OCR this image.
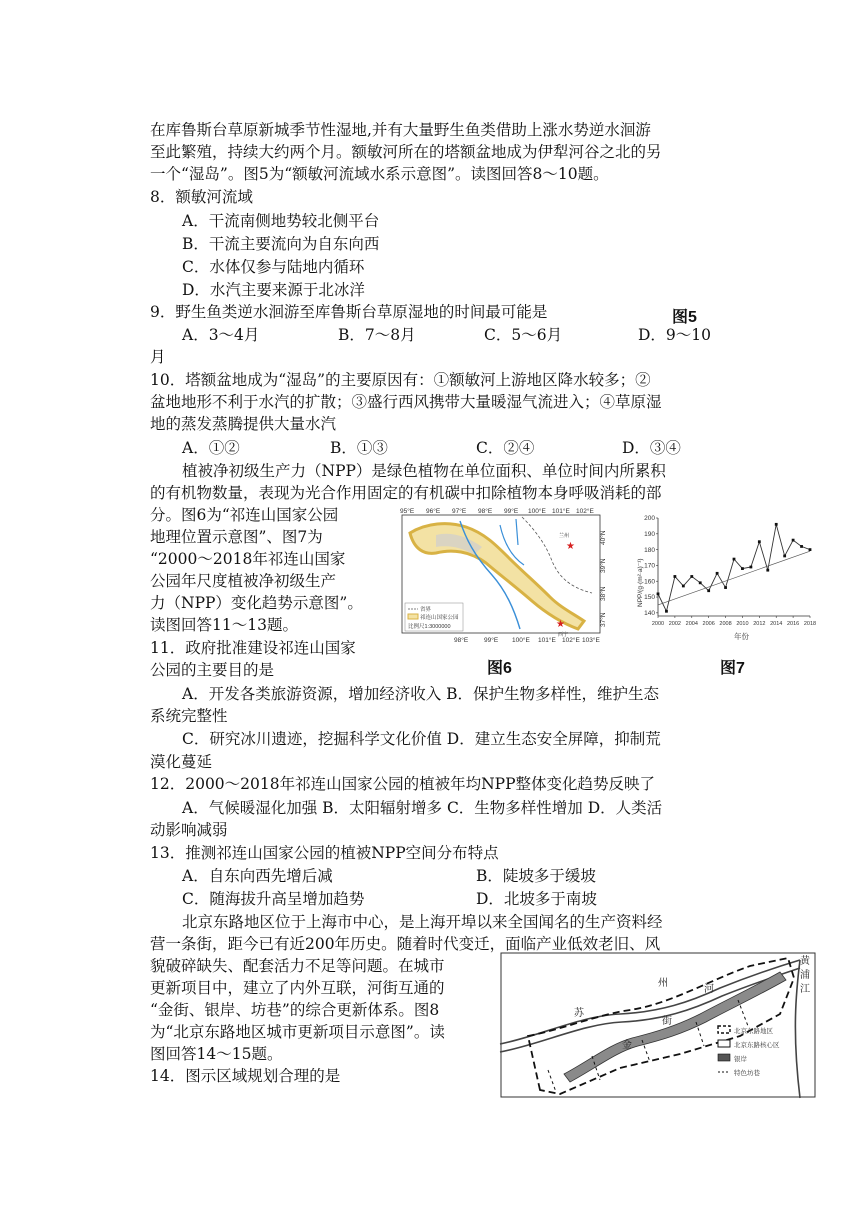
在库鲁斯台草原新城季节性湿地,并有大量野生鱼类借助上涨水势逆水洄游
至此繁殖，持续大约两个月。额敏河所在的塔额盆地成为伊犁河谷之北的另
一个“湿岛”。图5为“额敏河流域水系示意图”。读图回答8～10题。
8．额敏河流域
A．干流南侧地势较北侧平台
B．干流主要流向为自东向西
C．水体仅参与陆地内循环
D．水汽主要来源于北冰洋
9．野生鱼类逆水洄游至库鲁斯台草原湿地的时间最可能是	图5
A．3～4月	B．7～8月	C．5～6月	D．9～10
月
10．塔额盆地成为“湿岛”的主要原因有：①额敏河上游地区降水较多；②
盆地地形不利于水汽的扩散；③盛行西风携带大量暖湿气流进入；④草原湿
地的蒸发蒸腾提供大量水汽
A．①②	B．①③	C．②④	D．③④
植被净初级生产力（NPP）是绿色植物在单位面积、单位时间内所累积
的有机物数量，表现为光合作用固定的有机碳中扣除植物本身呼吸消耗的部
分。图6为“祁连山国家公园
地理位置示意图”、图7为
“2000～2018年祁连山国家
公园年尺度植被净初级生产
力（NPP）变化趋势示意图”。
读图回答11～13题。
95°E 96°E 97°E 98°E 99°E 100°E 101°E 102°E
98°E 99°E 100°E 101°E 102°E 103°E
40°N
39°N
38°N
37°N
★
兰州
★
西宁
省界
祁连山国家公园
比例尺1:3000000
图6
140
150
160
170
180
190
200
2000 2002 2004 2006 2008 2010 2012 2014 2016 2018
NPP/(g·(m²·a)⁻¹)
年份
图7
11．政府批准建设祁连山国家
公园的主要目的是
A．开发各类旅游资源，增加经济收入 B．保护生物多样性，维护生态
系统完整性
C．研究冰川遗迹，挖掘科学文化价值 D．建立生态安全屏障，抑制荒
漠化蔓延
12．2000～2018年祁连山国家公园的植被年均NPP整体变化趋势反映了
A．气候暖湿化加强 B．太阳辐射增多 C．生物多样性增加 D．人类活
动影响减弱
13．推测祁连山国家公园的植被NPP空间分布特点
A．自东向西先增后减	B．陡坡多于缓坡
C．随海拔升高呈增加趋势	D．北坡多于南坡
北京东路地区位于上海市中心，是上海开埠以来全国闻名的生产资料经
营一条街，距今已有近200年历史。随着时代变迁，面临产业低效老旧、风
貌破碎缺失、配套活力不足等问题。在城市
更新项目中，建立了内外互联，河街互通的
“金街、银岸、坊巷”的综合更新体系。图8
为“北京东路地区城市更新项目示意图”。读
图回答14～15题。
14．图示区域规划合理的是
苏
州
河
金
街
黄
浦
江
北京东路地区
北京东路核心区
银岸
特色坊巷
